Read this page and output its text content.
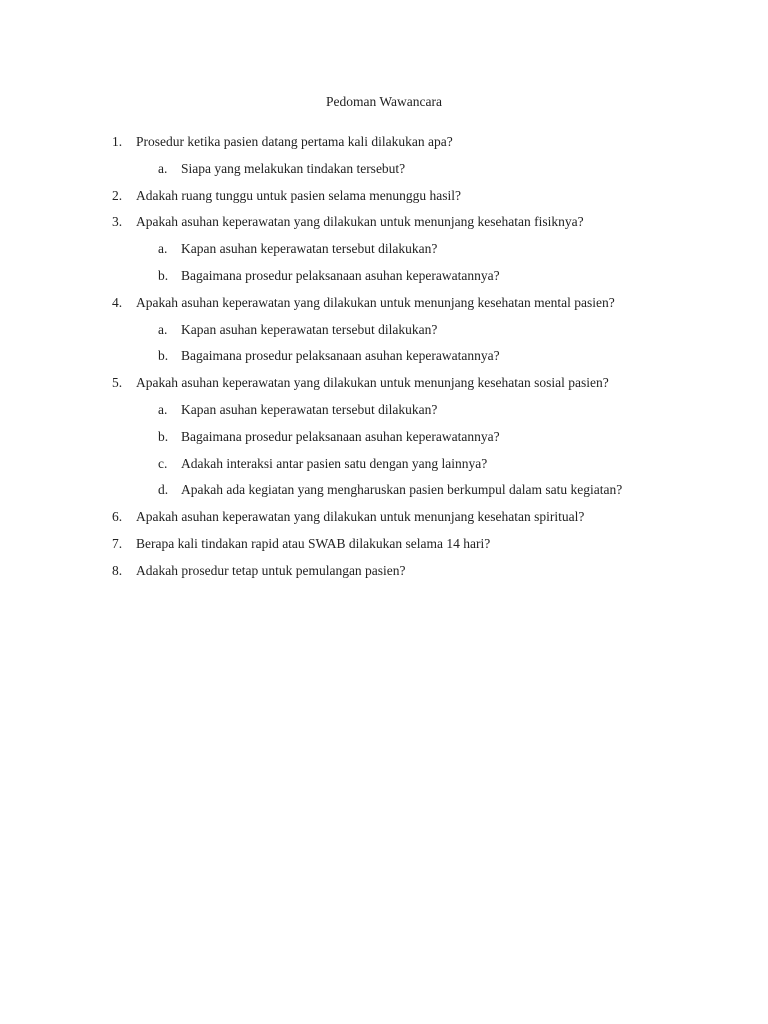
Pedoman Wawancara
1. Prosedur ketika pasien datang pertama kali dilakukan apa?
a. Siapa yang melakukan tindakan tersebut?
2. Adakah ruang tunggu untuk pasien selama menunggu hasil?
3. Apakah asuhan keperawatan yang dilakukan untuk menunjang kesehatan fisiknya?
a. Kapan asuhan keperawatan tersebut dilakukan?
b. Bagaimana prosedur pelaksanaan asuhan keperawatannya?
4. Apakah asuhan keperawatan yang dilakukan untuk menunjang kesehatan mental pasien?
a. Kapan asuhan keperawatan tersebut dilakukan?
b. Bagaimana prosedur pelaksanaan asuhan keperawatannya?
5. Apakah asuhan keperawatan yang dilakukan untuk menunjang kesehatan sosial pasien?
a. Kapan asuhan keperawatan tersebut dilakukan?
b. Bagaimana prosedur pelaksanaan asuhan keperawatannya?
c. Adakah interaksi antar pasien satu dengan yang lainnya?
d. Apakah ada kegiatan yang mengharuskan pasien berkumpul dalam satu kegiatan?
6. Apakah asuhan keperawatan yang dilakukan untuk menunjang kesehatan spiritual?
7. Berapa kali tindakan rapid atau SWAB dilakukan selama 14 hari?
8. Adakah prosedur tetap untuk pemulangan pasien?
